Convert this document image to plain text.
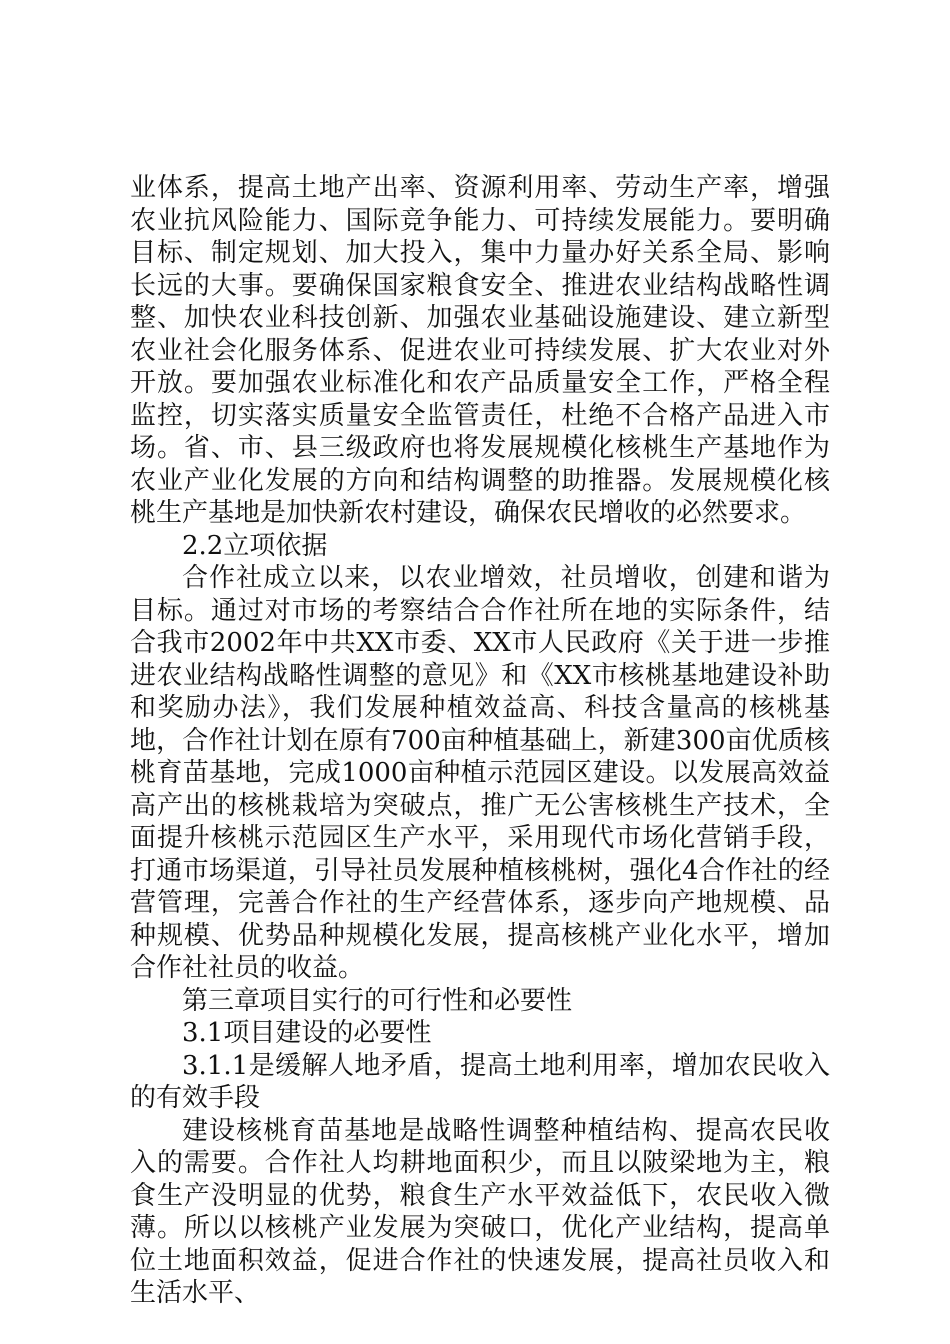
业体系，提高土地产出率、资源利用率、劳动生产率，增强农业抗风险能力、国际竞争能力、可持续发展能力。要明确目标、制定规划、加大投入，集中力量办好关系全局、影响长远的大事。要确保国家粮食安全、推进农业结构战略性调整、加快农业科技创新、加强农业基础设施建设、建立新型农业社会化服务体系、促进农业可持续发展、扩大农业对外开放。要加强农业标准化和农产品质量安全工作，严格全程监控，切实落实质量安全监管责任，杜绝不合格产品进入市场。省、市、县三级政府也将发展规模化核桃生产基地作为农业产业化发展的方向和结构调整的助推器。发展规模化核桃生产基地是加快新农村建设，确保农民增收的必然要求。

2.2立项依据

合作社成立以来，以农业增效，社员增收，创建和谐为目标。通过对市场的考察结合合作社所在地的实际条件，结合我市2002年中共XX市委、XX市人民政府《关于进一步推进农业结构战略性调整的意见》和《XX市核桃基地建设补助和奖励办法》，我们发展种植效益高、科技含量高的核桃基地，合作社计划在原有700亩种植基础上，新建300亩优质核桃育苗基地，完成1000亩种植示范园区建设。以发展高效益高产出的核桃栽培为突破点，推广无公害核桃生产技术，全面提升核桃示范园区生产水平，采用现代市场化营销手段，打通市场渠道，引导社员发展种植核桃树，强化4合作社的经营管理，完善合作社的生产经营体系，逐步向产地规模、品种规模、优势品种规模化发展，提高核桃产业化水平，增加合作社社员的收益。

第三章项目实行的可行性和必要性

3.1项目建设的必要性

3.1.1是缓解人地矛盾，提高土地利用率，增加农民收入的有效手段

建设核桃育苗基地是战略性调整种植结构、提高农民收入的需要。合作社人均耕地面积少，而且以陂梁地为主，粮食生产没明显的优势，粮食生产水平效益低下，农民收入微薄。所以以核桃产业发展为突破口，优化产业结构，提高单位土地面积效益，促进合作社的快速发展，提高社员收入和生活水平、
